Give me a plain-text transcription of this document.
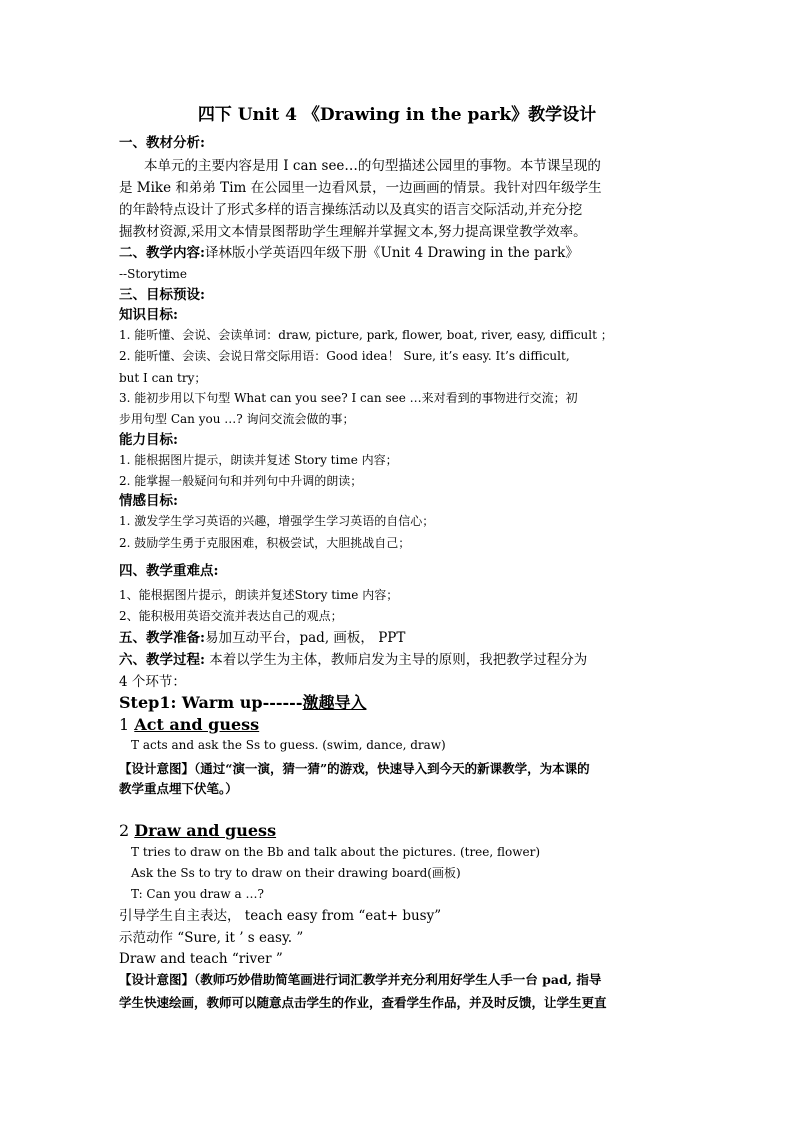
四下 Unit 4 《Drawing in the park》教学设计
一、教材分析:
本单元的主要内容是用 I can see…的句型描述公园里的事物。本节课呈现的
是 Mike 和弟弟 Tim 在公园里一边看风景，一边画画的情景。我针对四年级学生
的年龄特点设计了形式多样的语言操练活动以及真实的语言交际活动,并充分挖
掘教材资源,采用文本情景图帮助学生理解并掌握文本,努力提高课堂教学效率。
二、教学内容:译林版小学英语四年级下册《Unit 4 Drawing in the park》
--Storytime
三、目标预设:
知识目标:
1. 能听懂、会说、会读单词：draw, picture, park, flower, boat, river, easy, difficult ；
2. 能听懂、会读、会说日常交际用语：Good idea！ Sure, it’s easy. It’s difficult,
but I can try；
3. 能初步用以下句型 What can you see? I can see …来对看到的事物进行交流；初
步用句型 Can you …? 询问交流会做的事；
能力目标:
1. 能根据图片提示，朗读并复述 Story time 内容；
2. 能掌握一般疑问句和并列句中升调的朗读；
情感目标:
1. 激发学生学习英语的兴趣，增强学生学习英语的自信心；
2. 鼓励学生勇于克服困难，积极尝试，大胆挑战自己；
四、教学重难点:
1、能根据图片提示，朗读并复述Story time 内容；
2、能积极用英语交流并表达自己的观点；
五、教学准备:易加互动平台，pad, 画板， PPT
六、教学过程: 本着以学生为主体，教师启发为主导的原则，我把教学过程分为
4 个环节：
Step1: Warm up------激趣导入
1 Act and guess
T acts and ask the Ss to guess. (swim, dance, draw)
【设计意图】（通过“演一演，猜一猜”的游戏，快速导入到今天的新课教学，为本课的
教学重点埋下伏笔。）
2 Draw and guess
T tries to draw on the Bb and talk about the pictures. (tree, flower)
Ask the Ss to try to draw on their drawing board(画板)
T: Can you draw a …?
引导学生自主表达， teach easy from “eat+ busy”
示范动作 “Sure, it ’ s easy. ”
Draw and teach “river ”
【设计意图】（教师巧妙借助简笔画进行词汇教学并充分利用好学生人手一台 pad, 指导
学生快速绘画，教师可以随意点击学生的作业，查看学生作品，并及时反馈，让学生更直
